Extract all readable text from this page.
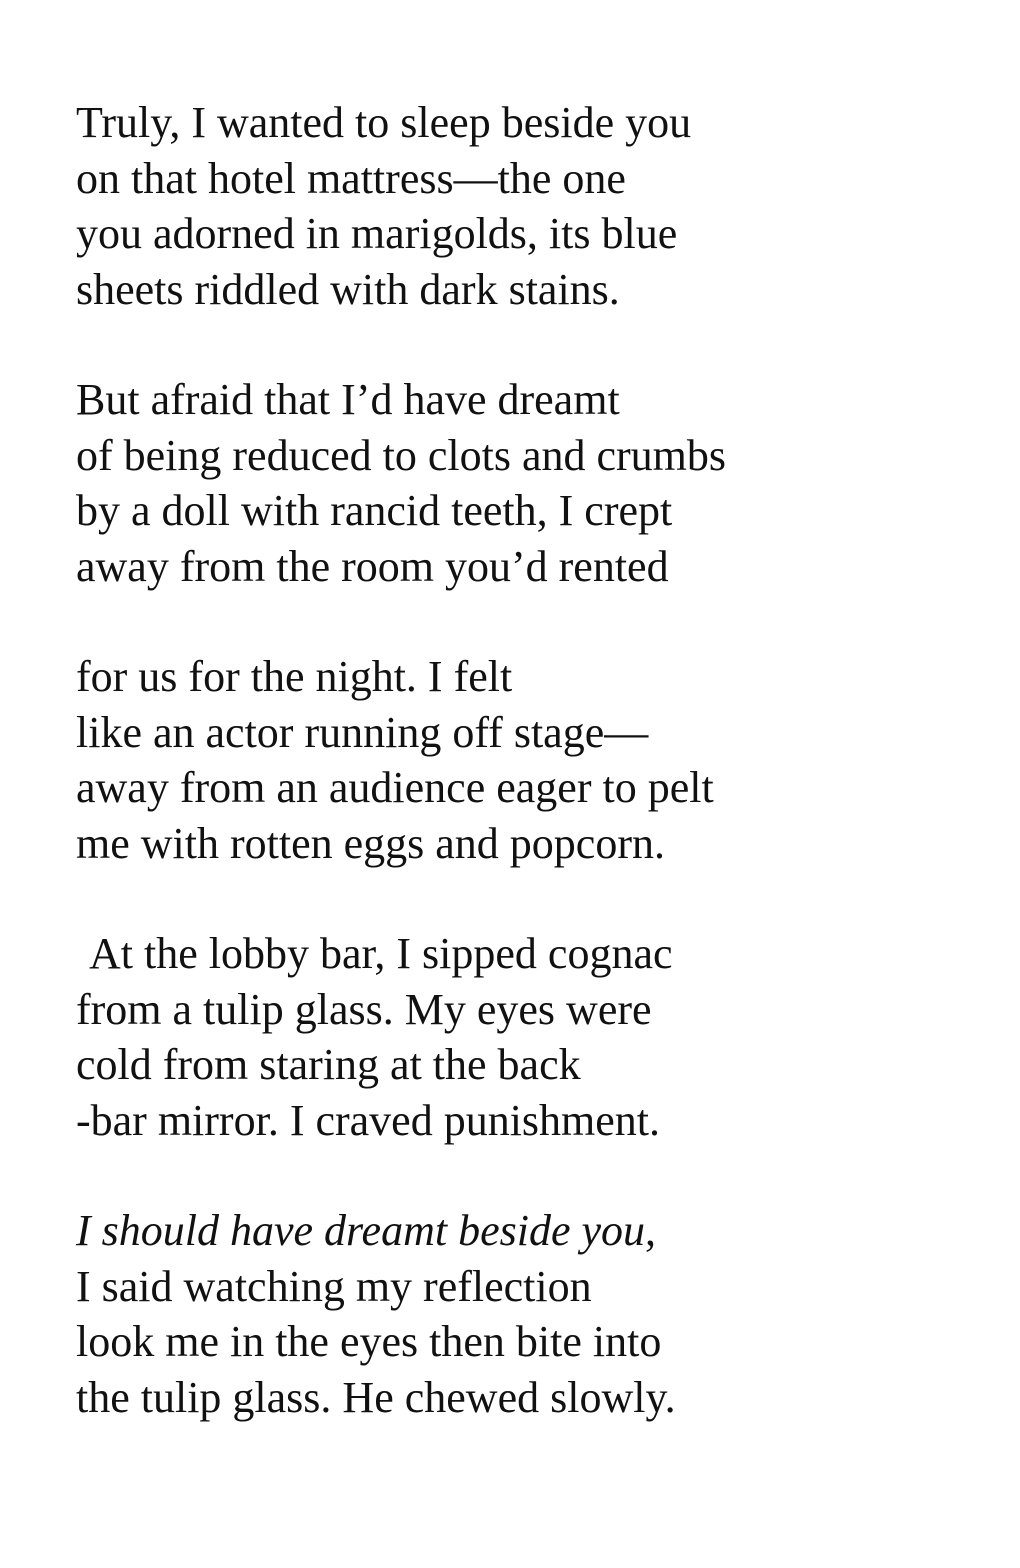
Truly, I wanted to sleep beside you
on that hotel mattress—the one
you adorned in marigolds, its blue
sheets riddled with dark stains.
But afraid that I’d have dreamt
of being reduced to clots and crumbs
by a doll with rancid teeth, I crept
away from the room you’d rented
for us for the night. I felt
like an actor running off stage—
away from an audience eager to pelt
me with rotten eggs and popcorn.
At the lobby bar, I sipped cognac
from a tulip glass. My eyes were
cold from staring at the back
-bar mirror. I craved punishment.
I should have dreamt beside you,
I said watching my reflection
look me in the eyes then bite into
the tulip glass. He chewed slowly.
